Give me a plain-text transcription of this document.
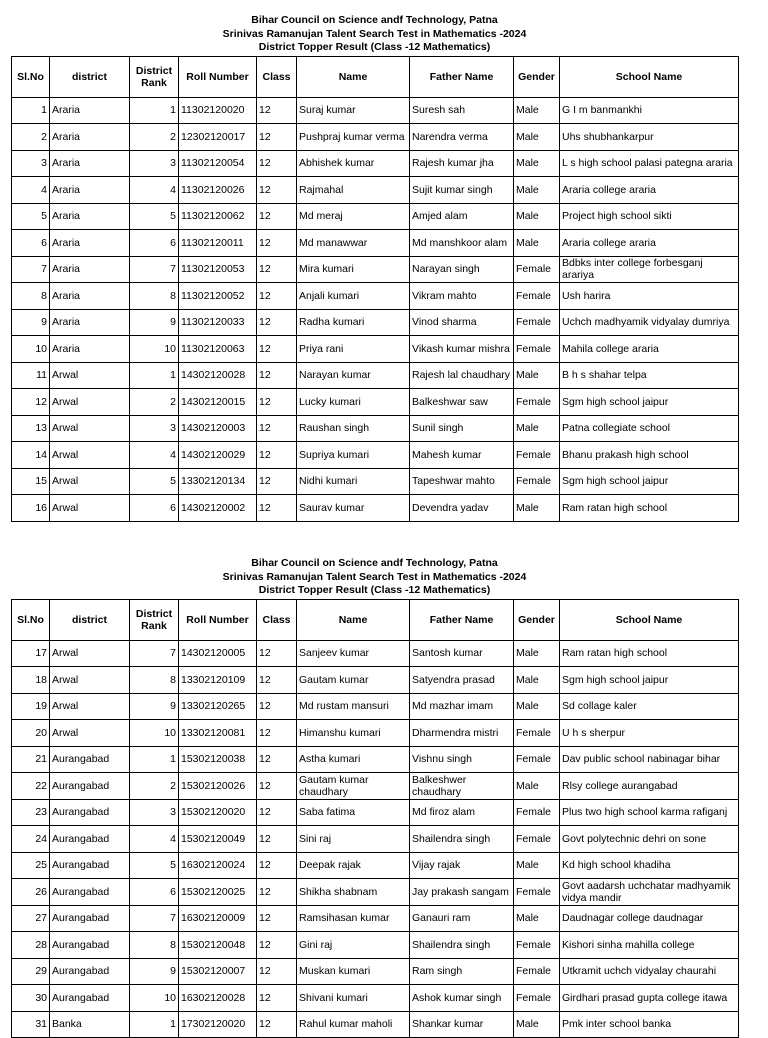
Bihar Council on Science andf Technology, Patna
Srinivas Ramanujan Talent Search Test in Mathematics -2024
District Topper Result (Class -12 Mathematics)
Sl.No	district	District Rank	Roll Number	Class	Name	Father Name	Gender	School Name
1	Araria	1	11302120020	12	Suraj kumar	Suresh sah	Male	G I m banmankhi
2	Araria	2	12302120017	12	Pushpraj kumar verma	Narendra verma	Male	Uhs shubhankarpur
3	Araria	3	11302120054	12	Abhishek kumar	Rajesh kumar jha	Male	L s high school palasi pategna araria
4	Araria	4	11302120026	12	Rajmahal	Sujit kumar singh	Male	Araria college araria
5	Araria	5	11302120062	12	Md meraj	Amjed alam	Male	Project high school sikti
6	Araria	6	11302120011	12	Md manawwar	Md manshkoor alam	Male	Araria college araria
7	Araria	7	11302120053	12	Mira kumari	Narayan singh	Female	Bdbks inter college forbesganj arariya
8	Araria	8	11302120052	12	Anjali kumari	Vikram mahto	Female	Ush harira
9	Araria	9	11302120033	12	Radha kumari	Vinod sharma	Female	Uchch madhyamik vidyalay dumriya
10	Araria	10	11302120063	12	Priya rani	Vikash kumar mishra	Female	Mahila college araria
11	Arwal	1	14302120028	12	Narayan kumar	Rajesh lal chaudhary	Male	B h s shahar telpa
12	Arwal	2	14302120015	12	Lucky kumari	Balkeshwar saw	Female	Sgm high school jaipur
13	Arwal	3	14302120003	12	Raushan singh	Sunil singh	Male	Patna collegiate school
14	Arwal	4	14302120029	12	Supriya kumari	Mahesh kumar	Female	Bhanu prakash high school
15	Arwal	5	13302120134	12	Nidhi kumari	Tapeshwar mahto	Female	Sgm high school jaipur
16	Arwal	6	14302120002	12	Saurav kumar	Devendra yadav	Male	Ram ratan high school
Bihar Council on Science andf Technology, Patna
Srinivas Ramanujan Talent Search Test in Mathematics -2024
District Topper Result (Class -12 Mathematics)
Sl.No	district	District Rank	Roll Number	Class	Name	Father Name	Gender	School Name
17	Arwal	7	14302120005	12	Sanjeev kumar	Santosh kumar	Male	Ram ratan high school
18	Arwal	8	13302120109	12	Gautam kumar	Satyendra prasad	Male	Sgm high school jaipur
19	Arwal	9	13302120265	12	Md rustam mansuri	Md mazhar imam	Male	Sd collage kaler
20	Arwal	10	13302120081	12	Himanshu kumari	Dharmendra mistri	Female	U h s sherpur
21	Aurangabad	1	15302120038	12	Astha kumari	Vishnu singh	Female	Dav public school nabinagar bihar
22	Aurangabad	2	15302120026	12	Gautam kumar chaudhary	Balkeshwer chaudhary	Male	Rlsy college aurangabad
23	Aurangabad	3	15302120020	12	Saba fatima	Md firoz alam	Female	Plus two high school karma rafiganj
24	Aurangabad	4	15302120049	12	Sini raj	Shailendra singh	Female	Govt polytechnic dehri on sone
25	Aurangabad	5	16302120024	12	Deepak rajak	Vijay rajak	Male	Kd high school khadiha
26	Aurangabad	6	15302120025	12	Shikha shabnam	Jay prakash sangam	Female	Govt aadarsh uchchatar madhyamik vidya mandir
27	Aurangabad	7	16302120009	12	Ramsihasan kumar	Ganauri ram	Male	Daudnagar college daudnagar
28	Aurangabad	8	15302120048	12	Gini raj	Shailendra singh	Female	Kishori sinha mahilla college
29	Aurangabad	9	15302120007	12	Muskan kumari	Ram singh	Female	Utkramit uchch vidyalay chaurahi
30	Aurangabad	10	16302120028	12	Shivani kumari	Ashok kumar singh	Female	Girdhari prasad gupta college itawa
31	Banka	1	17302120020	12	Rahul kumar maholi	Shankar kumar	Male	Pmk inter school banka
